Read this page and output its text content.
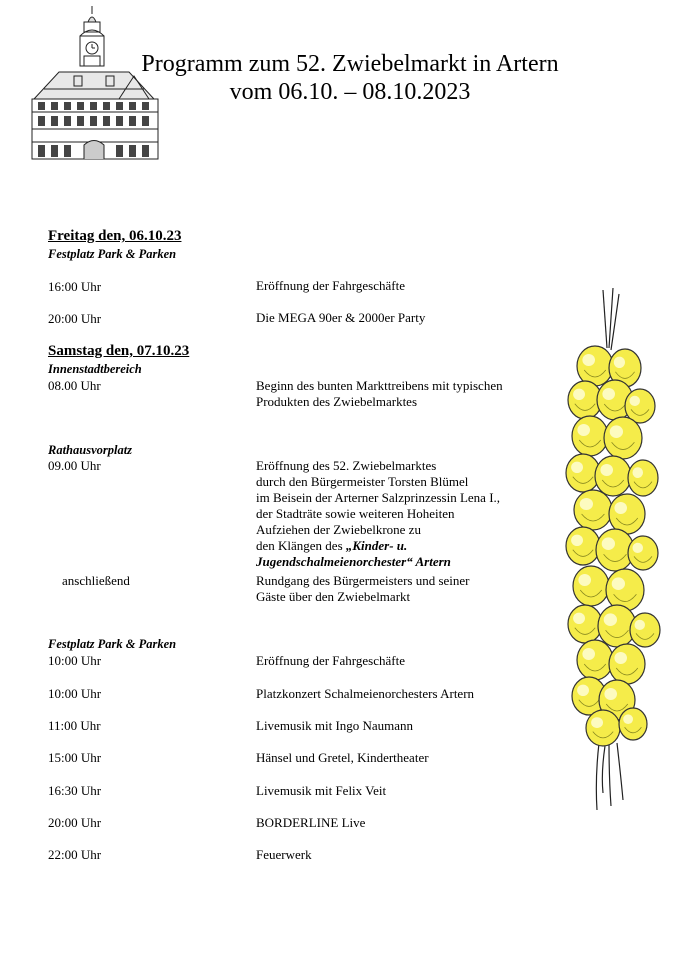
Programm zum 52. Zwiebelmarkt in Artern
vom 06.10. – 08.10.2023
Freitag den, 06.10.23
Festplatz Park & Parken
16:00 Uhr	Eröffnung der Fahrgeschäfte
20:00 Uhr	Die MEGA 90er & 2000er Party
Samstag den, 07.10.23
Innenstadtbereich
08.00 Uhr	Beginn des bunten Markttreibens mit typischen
Produkten des Zwiebelmarktes
Rathausvorplatz
09.00 Uhr	Eröffnung des 52. Zwiebelmarktes
durch den Bürgermeister Torsten Blümel
im Beisein der Arterner Salzprinzessin Lena I.,
der Stadträte sowie weiteren Hoheiten
Aufziehen der Zwiebelkrone zu
den Klängen des „Kinder- u.
Jugendschalmeienorchester“ Artern
anschließend	Rundgang des Bürgermeisters und seiner
Gäste über den Zwiebelmarkt
Festplatz Park & Parken
10:00 Uhr	Eröffnung der Fahrgeschäfte
10:00 Uhr	Platzkonzert Schalmeienorchesters Artern
11:00 Uhr	Livemusik mit Ingo Naumann
15:00 Uhr	Hänsel und Gretel, Kindertheater
16:30 Uhr	Livemusik mit Felix Veit
20:00 Uhr	BORDERLINE Live
22:00 Uhr	Feuerwerk
